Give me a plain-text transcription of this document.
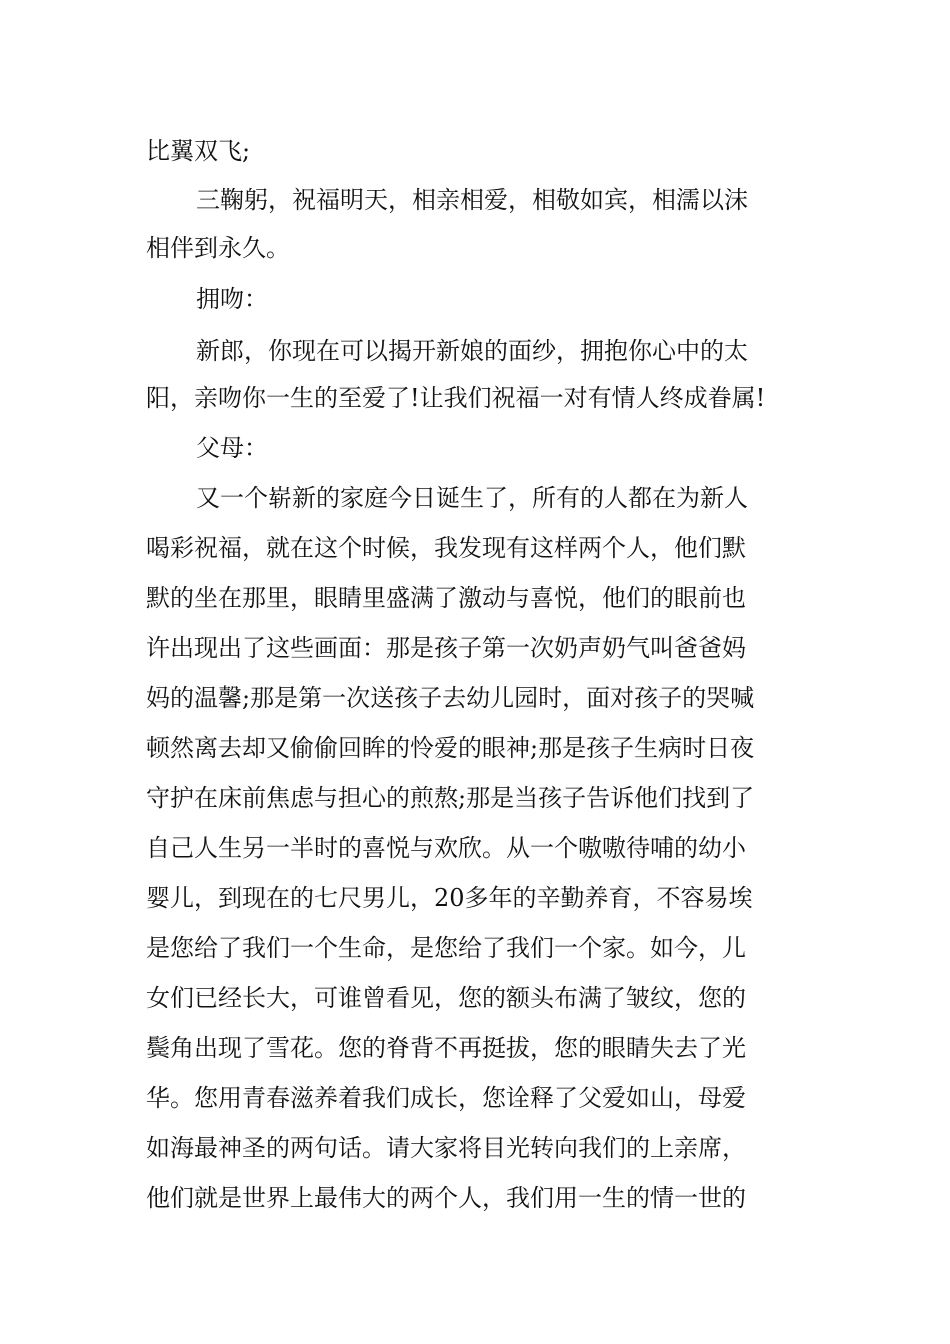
比翼双飞;
三鞠躬，祝福明天，相亲相爱，相敬如宾，相濡以沫
相伴到永久。
拥吻：
新郎，你现在可以揭开新娘的面纱，拥抱你心中的太
阳，亲吻你一生的至爱了!让我们祝福一对有情人终成眷属!
父母：
又一个崭新的家庭今日诞生了，所有的人都在为新人
喝彩祝福，就在这个时候，我发现有这样两个人，他们默
默的坐在那里，眼睛里盛满了激动与喜悦，他们的眼前也
许出现出了这些画面：那是孩子第一次奶声奶气叫爸爸妈
妈的温馨;那是第一次送孩子去幼儿园时，面对孩子的哭喊
顿然离去却又偷偷回眸的怜爱的眼神;那是孩子生病时日夜
守护在床前焦虑与担心的煎熬;那是当孩子告诉他们找到了
自己人生另一半时的喜悦与欢欣。从一个嗷嗷待哺的幼小
婴儿，到现在的七尺男儿，20多年的辛勤养育，不容易埃
是您给了我们一个生命，是您给了我们一个家。如今，儿
女们已经长大，可谁曾看见，您的额头布满了皱纹，您的
鬓角出现了雪花。您的脊背不再挺拔，您的眼睛失去了光
华。您用青春滋养着我们成长，您诠释了父爱如山，母爱
如海最神圣的两句话。请大家将目光转向我们的上亲席，
他们就是世界上最伟大的两个人，我们用一生的情一世的
